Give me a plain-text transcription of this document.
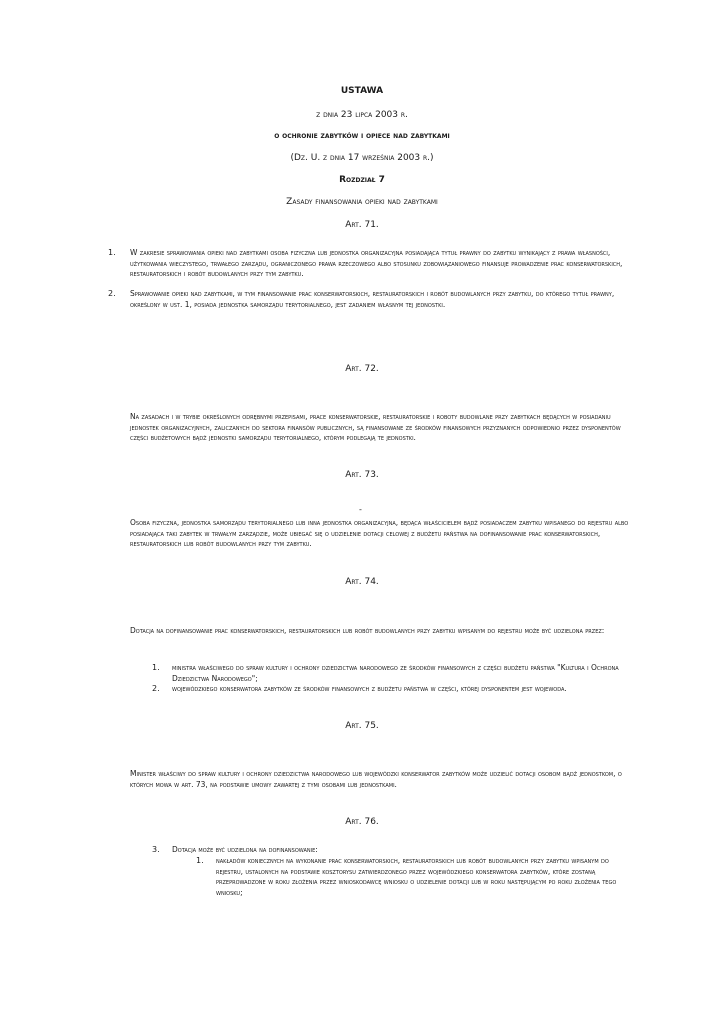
USTAWA
z dnia 23 lipca 2003 r.
o ochronie zabytków i opiece nad zabytkami
(Dz. U. z dnia 17 września 2003 r.)
Rozdział 7
Zasady finansowania opieki nad zabytkami
Art. 71.
1. W zakresie sprawowania opieki nad zabytkami osoba fizyczna lub jednostka organizacyjna posiadająca tytuł prawny do zabytku wynikający z prawa własności, użytkowania wieczystego, trwałego zarządu, ograniczonego prawa rzeczowego albo stosunku zobowiązaniowego finansuje prowadzenie prac konserwatorskich, restauratorskich i robót budowlanych przy tym zabytku.
2. Sprawowanie opieki nad zabytkami, w tym finansowanie prac konserwatorskich, restauratorskich i robót budowlanych przy zabytku, do którego tytuł prawny, określony w ust. 1, posiada jednostka samorządu terytorialnego, jest zadaniem własnym tej jednostki.
Art. 72.
Na zasadach i w trybie określonych odrębnymi przepisami, prace konserwatorskie, restauratorskie i roboty budowlane przy zabytkach będących w posiadaniu jednostek organizacyjnych, zaliczanych do sektora finansów publicznych, są finansowane ze środków finansowych przyznanych odpowiednio przez dysponentów części budżetowych bądź jednostki samorządu terytorialnego, którym podlegają te jednostki.
Art. 73.
-
Osoba fizyczna, jednostka samorządu terytorialnego lub inna jednostka organizacyjna, będąca właścicielem bądź posiadaczem zabytku wpisanego do rejestru albo posiadająca taki zabytek w trwałym zarządzie, może ubiegać się o udzielenie dotacji celowej z budżetu państwa na dofinansowanie prac konserwatorskich, restauratorskich lub robót budowlanych przy tym zabytku.
Art. 74.
Dotacja na dofinansowanie prac konserwatorskich, restauratorskich lub robót budowlanych przy zabytku wpisanym do rejestru może być udzielona przez:
1. ministra właściwego do spraw kultury i ochrony dziedzictwa narodowego ze środków finansowych z części budżetu państwa "Kultura i Ochrona Dziedzictwa Narodowego";
2. wojewódzkiego konserwatora zabytków ze środków finansowych z budżetu państwa w części, której dysponentem jest wojewoda.
Art. 75.
Minister właściwy do spraw kultury i ochrony dziedzictwa narodowego lub wojewódzki konserwator zabytków może udzielić dotacji osobom bądź jednostkom, o których mowa w art. 73, na podstawie umowy zawartej z tymi osobami lub jednostkami.
Art. 76.
3. Dotacja może być udzielona na dofinansowanie:
1. nakładów koniecznych na wykonanie prac konserwatorskich, restauratorskich lub robót budowlanych przy zabytku wpisanym do rejestru, ustalonych na podstawie kosztorysu zatwierdzonego przez wojewódzkiego konserwatora zabytków, które zostaną przeprowadzone w roku złożenia przez wnioskodawcę wniosku o udzielenie dotacji lub w roku następującym po roku złożenia tego wniosku;
